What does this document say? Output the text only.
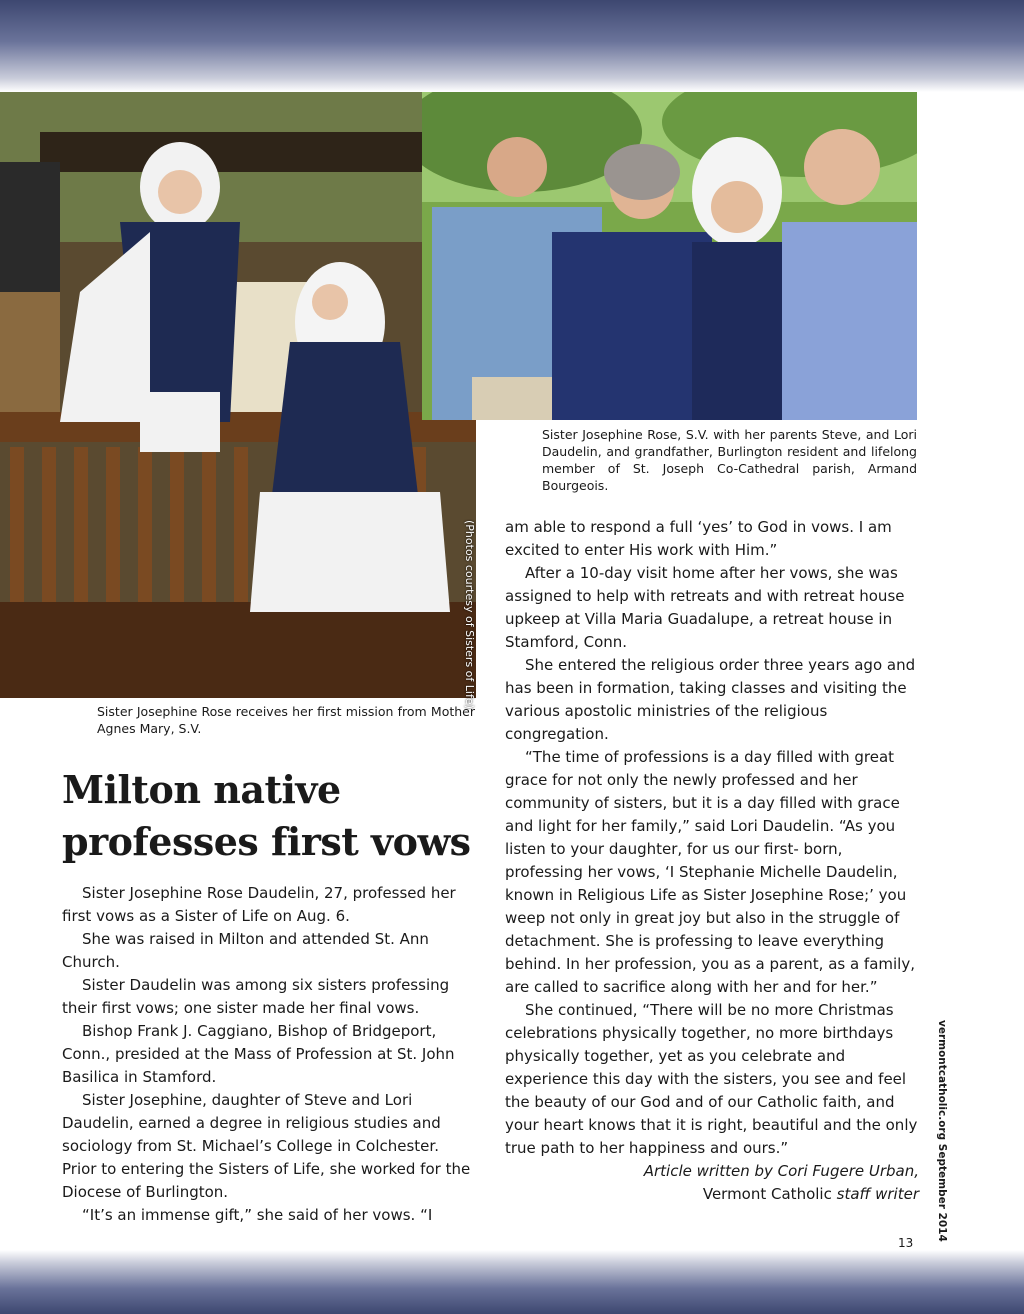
(Photos courtesy of Sisters of Life)
Sister Josephine Rose, S.V. with her parents Steve, and Lori Daudelin, and grandfather, Burlington resident and lifelong member of St. Joseph Co-Cathedral parish, Armand Bourgeois.
Sister Josephine Rose receives her first mission from Mother Agnes Mary, S.V.
Milton native professes first vows

Sister Josephine Rose Daudelin, 27, professed her first vows as a Sister of Life on Aug. 6.

She was raised in Milton and attended St. Ann Church.

Sister Daudelin was among six sisters professing their first vows; one sister made her final vows.

Bishop Frank J. Caggiano, Bishop of Bridgeport, Conn., presided at the Mass of Profession at St. John Basilica in Stamford.

Sister Josephine, daughter of Steve and Lori Daudelin, earned a degree in religious studies and sociology from St. Michael’s College in Colchester. Prior to entering the Sisters of Life, she worked for the Diocese of Burlington.

“It’s an immense gift,” she said of her vows. “I

am able to respond a full ‘yes’ to God in vows. I am excited to enter His work with Him.”

After a 10-day visit home after her vows, she was assigned to help with retreats and with retreat house upkeep at Villa Maria Guadalupe, a retreat house in Stamford, Conn.

She entered the religious order three years ago and has been in formation, taking classes and visiting the various apostolic ministries of the religious congregation.

“The time of professions is a day filled with great grace for not only the newly professed and her community of sisters, but it is a day filled with grace and light for her family,” said Lori Daudelin. “As you listen to your daughter, for us our first- born, professing her vows, ‘I Stephanie Michelle Daudelin, known in Religious Life as Sister Josephine Rose;’ you weep not only in great joy but also in the struggle of detachment. She is professing to leave everything behind. In her profession, you as a parent, as a family, are called to sacrifice along with her and for her.”

She continued, “There will be no more Christmas celebrations physically together, no more birthdays physically together, yet as you celebrate and experience this day with the sisters, you see and feel the beauty of our God and of our Catholic faith, and your heart knows that it is right, beautiful and the only true path to her happiness and ours.”

Article written by Cori Fugere Urban,
Vermont Catholic staff writer	vermontcatholic.org September 2014
13
